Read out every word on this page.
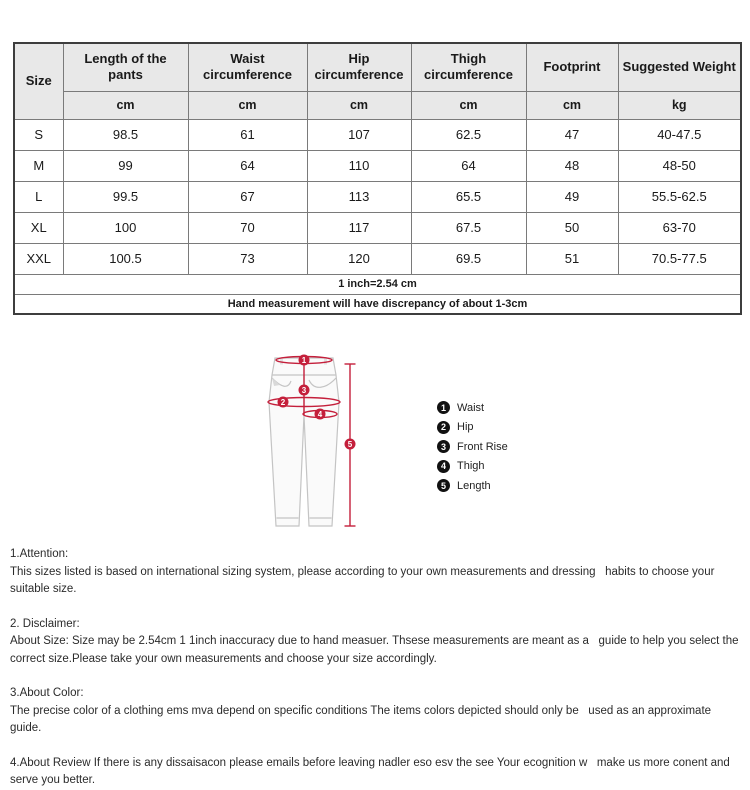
Size	Length of the pants	Waist circumference	Hip circumference	Thigh circumference	Footprint	Suggested Weight
	cm	cm	cm	cm	cm	kg
S	98.5	61	107	62.5	47	40-47.5
M	99	64	110	64	48	48-50
L	99.5	67	113	65.5	49	55.5-62.5
XL	100	70	117	67.5	50	63-70
XXL	100.5	73	120	69.5	51	70.5-77.5
1 inch=2.54 cm						
Hand measurement will have discrepancy of about 1-3cm						
1
2
3
4
5
1	Waist
2	Hip
3	Front Rise
4	Thigh
5	Length

1.Attention:

This sizes listed is based on international sizing system, please according to your own measurements and dressing   habits to choose your suitable size.

2. Disclaimer:

About Size: Size may be 2.54cm 1 1inch inaccuracy due to hand measuer. Thsese measurements are meant as a   guide to help you select the correct size.Please take your own measurements and choose your size accordingly.

3.About Color:

The precise color of a clothing ems mva depend on specific conditions The items colors depicted should only be   used as an approximate guide.

4.About Review If there is any dissaisacon please emails before leaving nadler eso esv the see Your ecognition w   make us more conent and serve you better.
